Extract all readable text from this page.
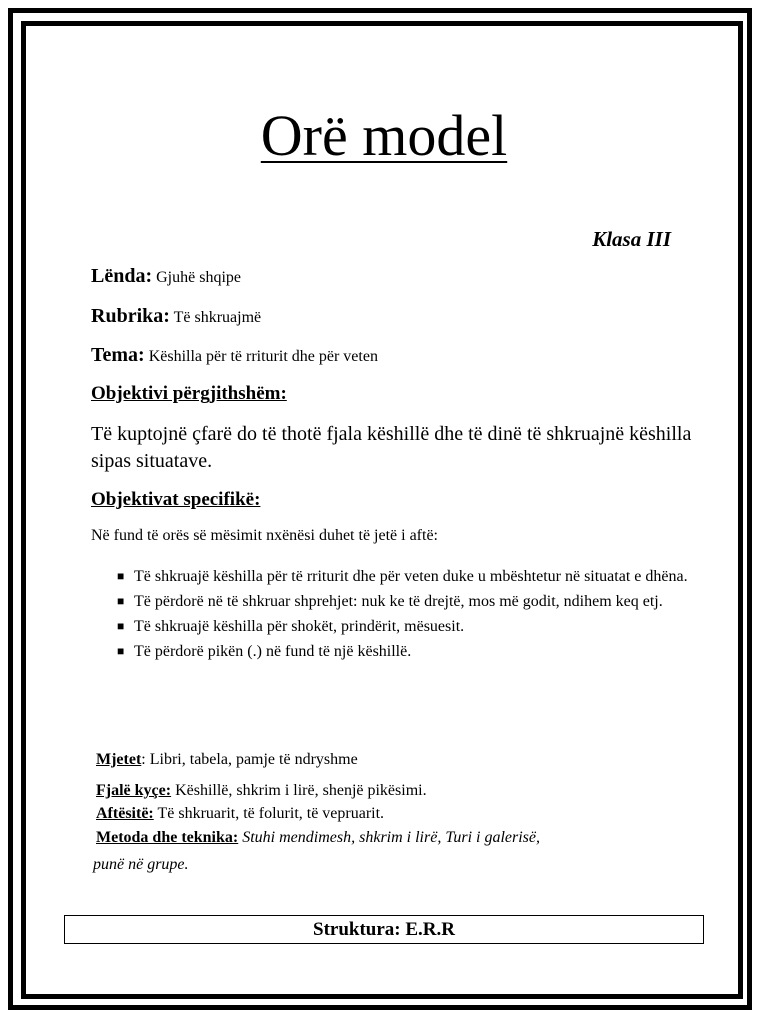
Orë model
Klasa III
Lënda: Gjuhë shqipe
Rubrika: Të shkruajmë
Tema: Këshilla për të rriturit dhe për veten
Objektivi përgjithshëm:
Të kuptojnë çfarë do të thotë fjala këshillë dhe të dinë të shkruajnë këshilla sipas situatave.
Objektivat specifikë:
Në fund të orës së mësimit nxënësi duhet të jetë i aftë:
■ Të shkruajë këshilla për të rriturit dhe për veten duke u mbështetur në situatat e dhëna.
■ Të përdorë në të shkruar shprehjet: nuk ke të drejtë, mos më godit, ndihem keq etj.
■ Të shkruajë këshilla për shokët, prindërit, mësuesit.
■ Të përdorë pikën (.) në fund të një këshillë.
Mjetet: Libri, tabela, pamje të ndryshme
Fjalë kyçe: Këshillë, shkrim i lirë, shenjë pikësimi.
Aftësitë: Të shkruarit, të folurit, të vepruarit.
Metoda dhe teknika: Stuhi mendimesh, shkrim i lirë, Turi i galerisë,
punë në grupe.
Struktura: E.R.R
